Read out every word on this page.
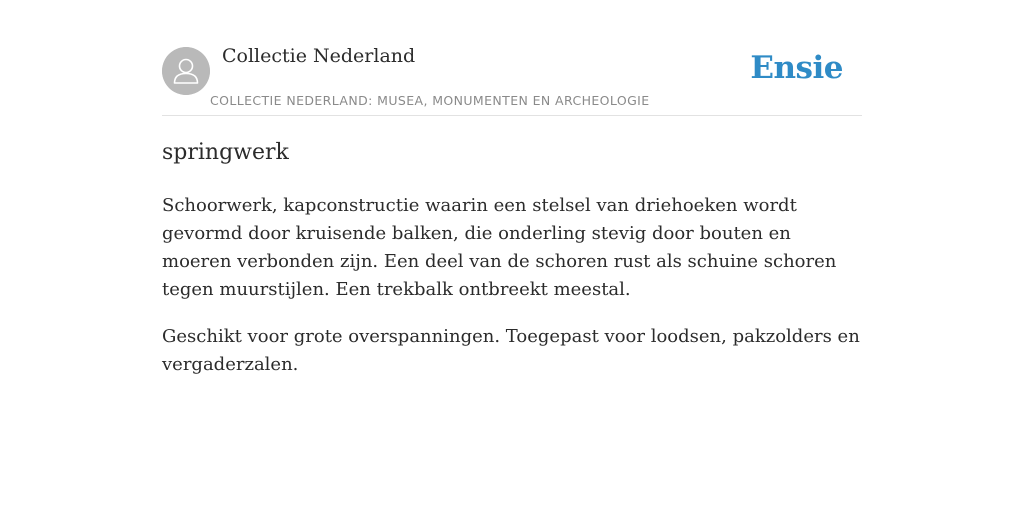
Collectie Nederland
COLLECTIE NEDERLAND: MUSEA, MONUMENTEN EN ARCHEOLOGIE
Ensie
springwerk

Schoorwerk, kapconstructie waarin een stelsel van driehoeken wordt gevormd door kruisende balken, die onderling stevig door bouten en moeren verbonden zijn. Een deel van de schoren rust als schuine schoren tegen muurstijlen. Een trekbalk ontbreekt meestal.

Geschikt voor grote overspanningen. Toegepast voor loodsen, pakzolders en vergaderzalen.
